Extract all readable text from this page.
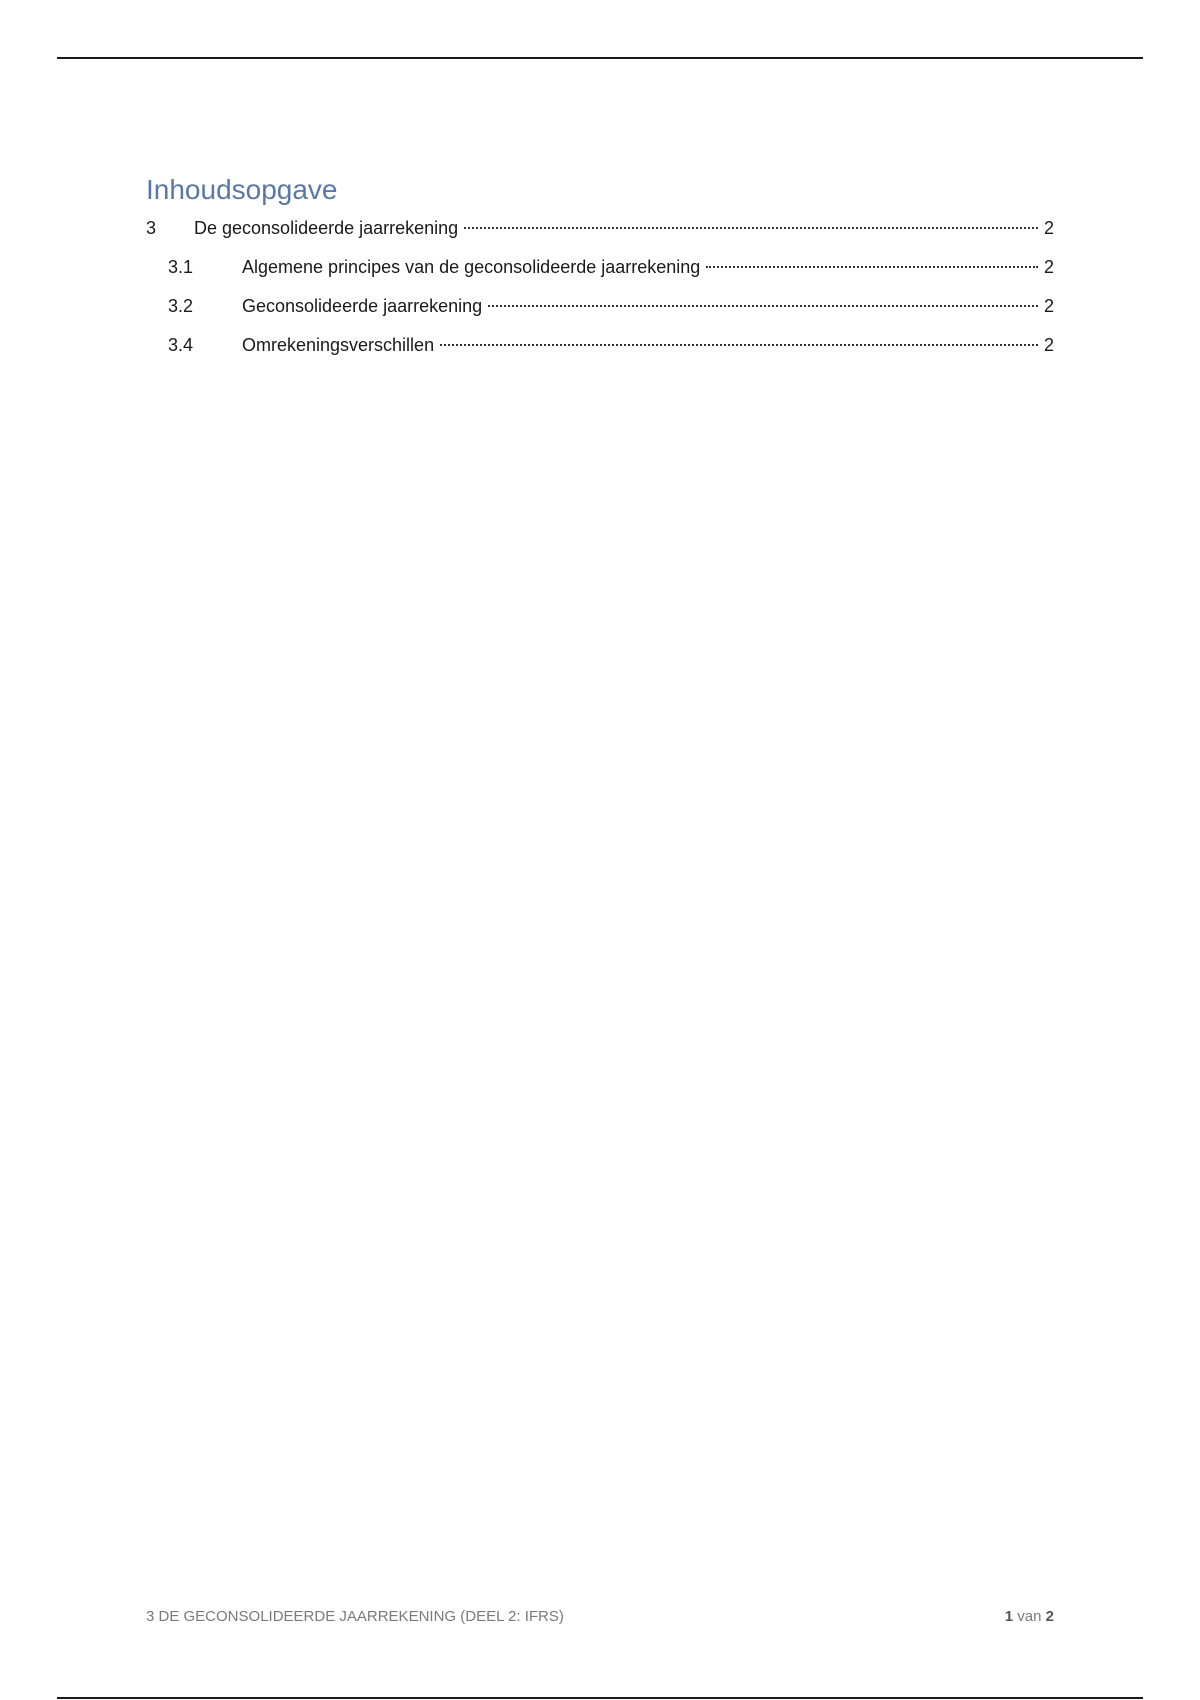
Inhoudsopgave
3	De geconsolideerde jaarrekening	2
3.1	Algemene principes van de geconsolideerde jaarrekening	2
3.2	Geconsolideerde jaarrekening	2
3.4	Omrekeningsverschillen	2
3 DE GECONSOLIDEERDE JAARREKENING (DEEL 2: IFRS)	1 van 2
